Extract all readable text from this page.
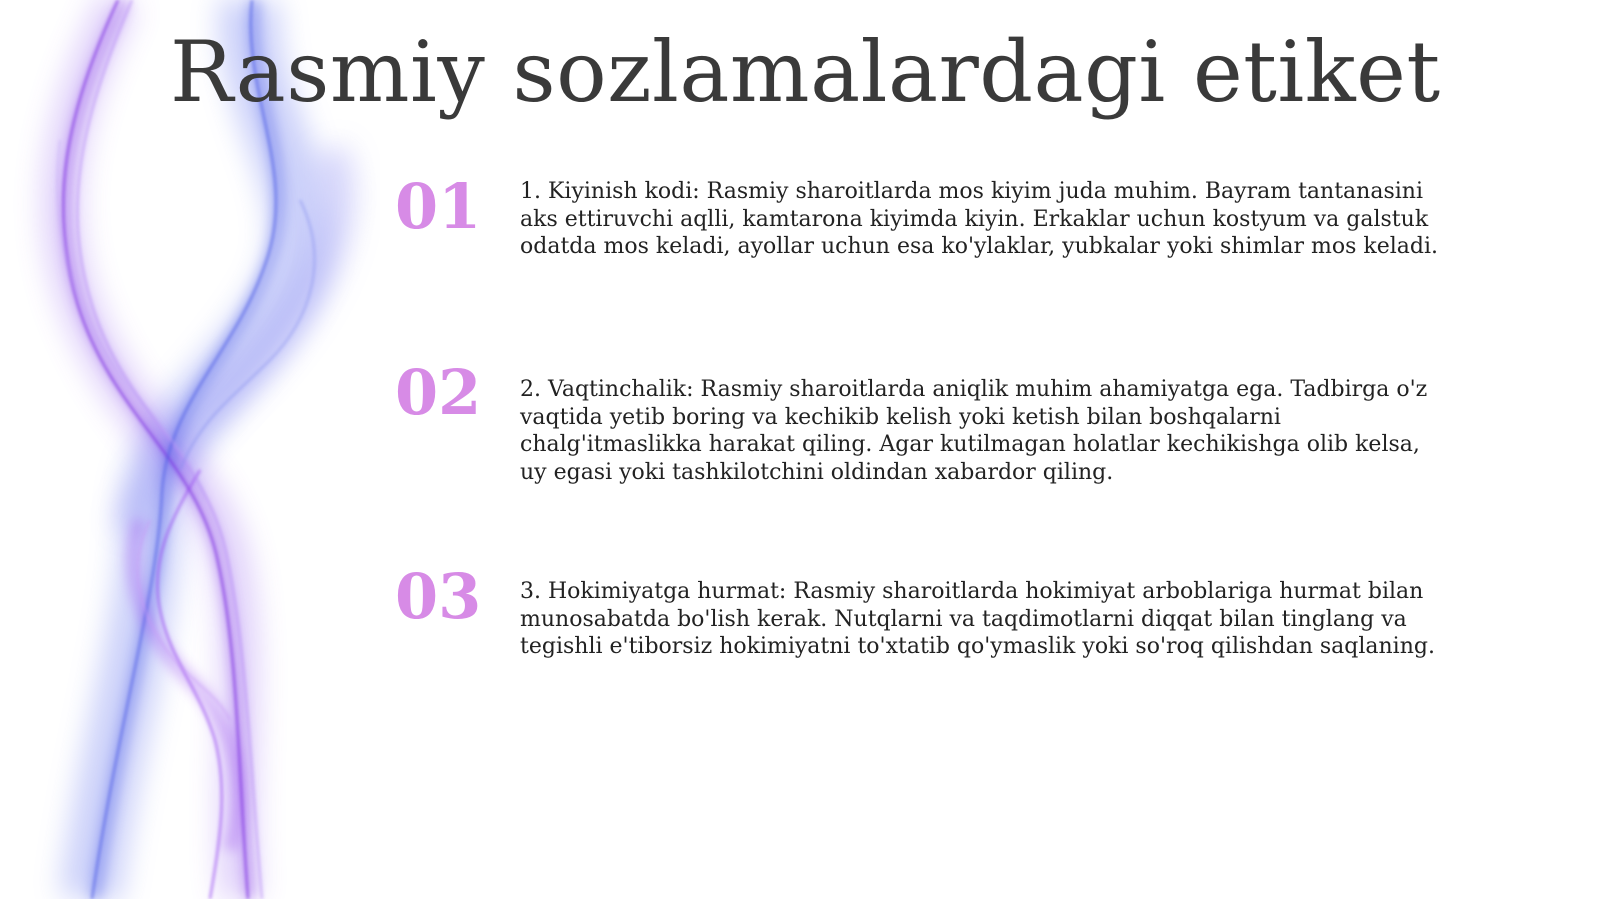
Rasmiy sozlamalardagi etiket
01 1. Kiyinish kodi: Rasmiy sharoitlarda mos kiyim juda muhim. Bayram tantanasini aks ettiruvchi aqlli, kamtarona kiyimda kiyin. Erkaklar uchun kostyum va galstuk odatda mos keladi, ayollar uchun esa ko'ylaklar, yubkalar yoki shimlar mos keladi.
02 2. Vaqtinchalik: Rasmiy sharoitlarda aniqlik muhim ahamiyatga ega. Tadbirga o'z vaqtida yetib boring va kechikib kelish yoki ketish bilan boshqalarni chalg'itmaslikka harakat qiling. Agar kutilmagan holatlar kechikishga olib kelsa, uy egasi yoki tashkilotchini oldindan xabardor qiling.
03 3. Hokimiyatga hurmat: Rasmiy sharoitlarda hokimiyat arboblariga hurmat bilan munosabatda bo'lish kerak. Nutqlarni va taqdimotlarni diqqat bilan tinglang va tegishli e'tiborsiz hokimiyatni to'xtatib qo'ymaslik yoki so'roq qilishdan saqlaning.
